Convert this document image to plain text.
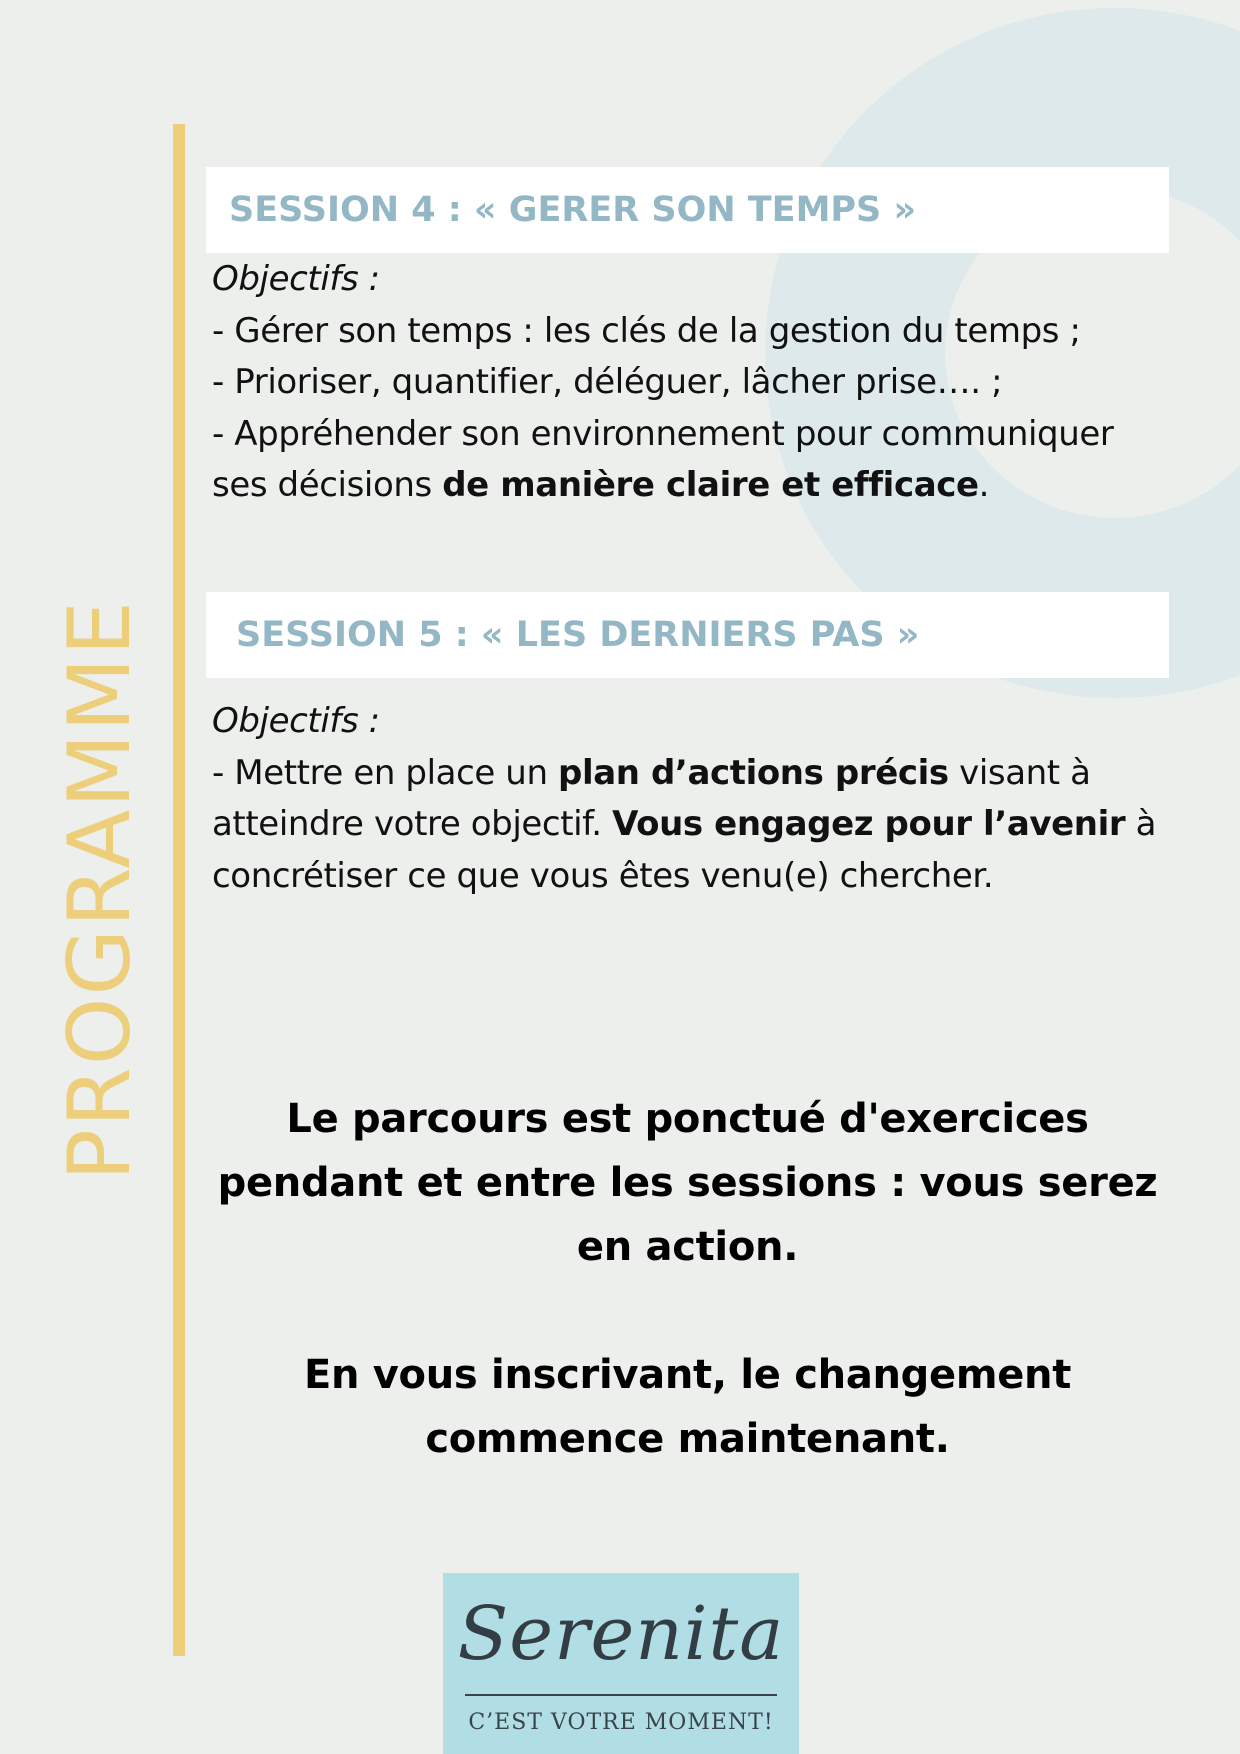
PROGRAMME
SESSION 4 : « GERER SON TEMPS »
Objectifs :
- Gérer son temps : les clés de la gestion du temps ;
- Prioriser, quantifier, déléguer, lâcher prise…. ;
- Appréhender son environnement pour communiquer
ses décisions de manière claire et efficace.
SESSION 5 : « LES DERNIERS PAS »
Objectifs :
- Mettre en place un plan d’actions précis visant à
atteindre votre objectif. Vous engagez pour l’avenir à
concrétiser ce que vous êtes venu(e) chercher.
Le parcours est ponctué d'exercices
pendant et entre les sessions : vous serez
en action.
En vous inscrivant, le changement
commence maintenant.
Serenita
C’EST VOTRE MOMENT!
